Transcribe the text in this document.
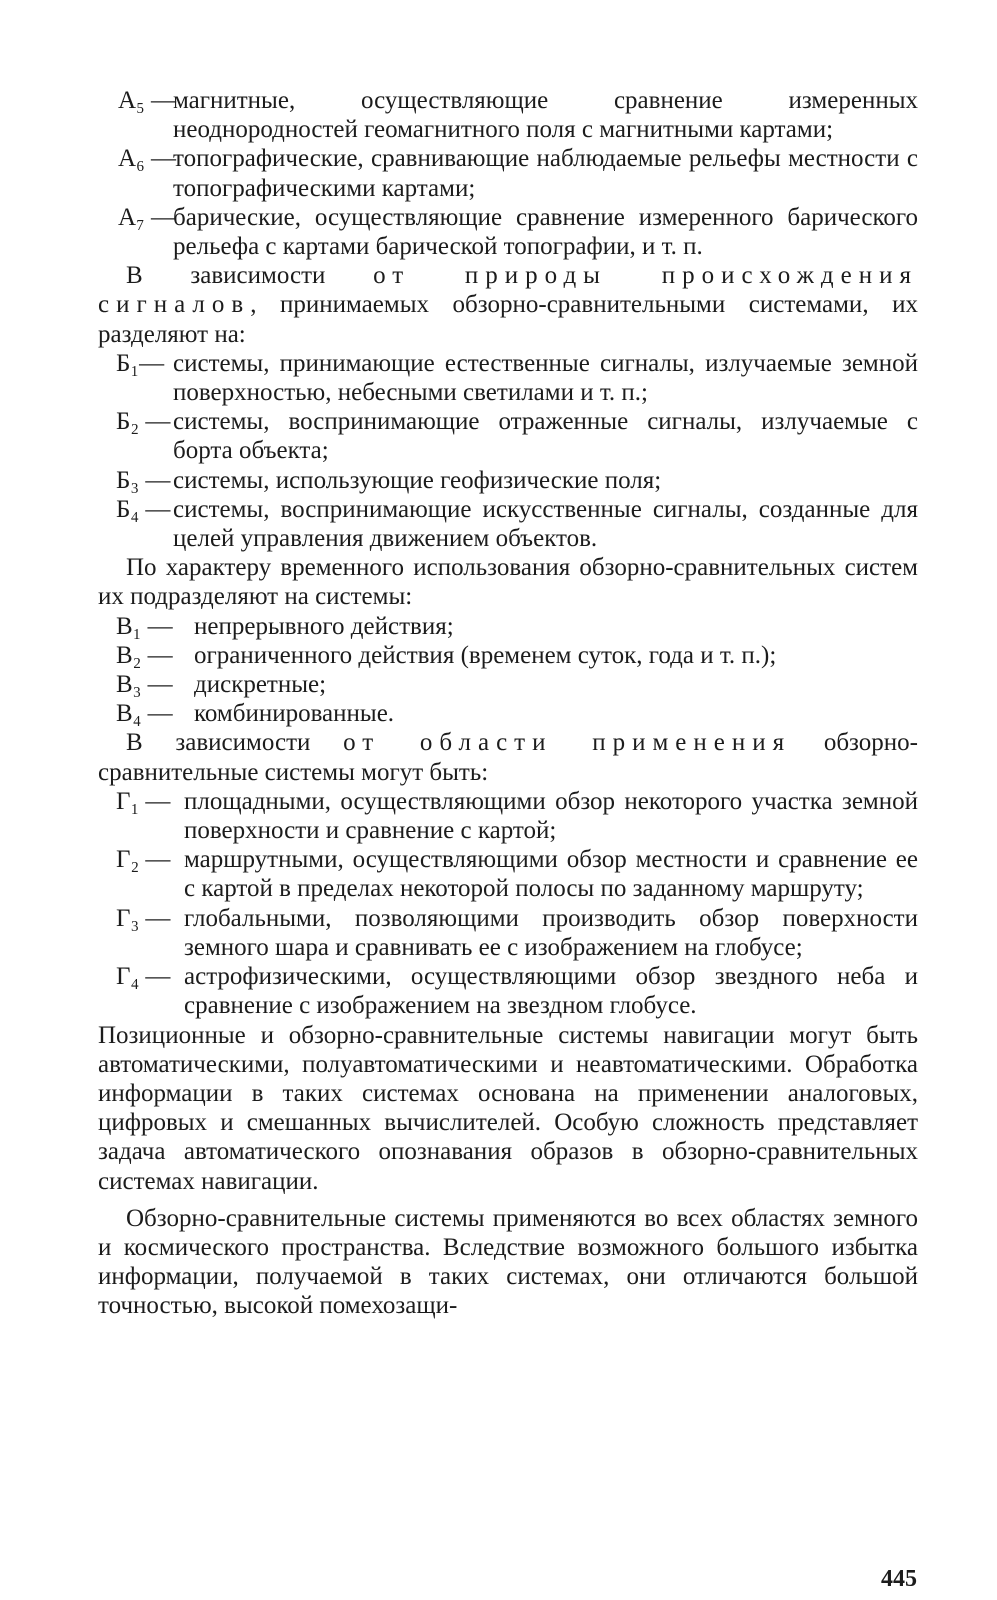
A₅ —
магнитные, осуществляющие сравнение измеренных неоднородностей геомагнитного поля с магнитными картами;
A₆ —
топографические, сравнивающие наблюдаемые рельефы местности с топографическими картами;
A₇ —
барические, осуществляющие сравнение измеренного барического рельефа с картами барической топографии, и т. п.

В зависимости от природы происхождения сигналов, принимаемых обзорно-сравнительными системами, их разделяют на:

Б₁— системы, принимающие естественные сигналы, излучаемые земной поверхностью, небесными светилами и т. п.;
Б₂ — системы, воспринимающие отраженные сигналы, излучаемые с борта объекта;
Б₃ — системы, использующие геофизические поля;
Б₄ — системы, воспринимающие искусственные сигналы, созданные для целей управления движением объектов.

По характеру временного использования обзорно-сравнительных систем их подразделяют на системы:

В₁ — непрерывного действия;
В₂ — ограниченного действия (временем суток, года и т. п.);
В₃ — дискретные;
В₄ — комбинированные.

В зависимости от области применения обзорно-сравнительные системы могут быть:

Г₁ — площадными, осуществляющими обзор некоторого участка земной поверхности и сравнение с картой;
Г₂ — маршрутными, осуществляющими обзор местности и сравнение ее с картой в пределах некоторой полосы по заданному маршруту;
Г₃ — глобальными, позволяющими производить обзор поверхности земного шара и сравнивать ее с изображением на глобусе;
Г₄ — астрофизическими, осуществляющими обзор звездного неба и сравнение с изображением на звездном глобусе.

Позиционные и обзорно-сравнительные системы навигации могут быть автоматическими, полуавтоматическими и неавтоматическими. Обработка информации в таких системах основана на применении аналоговых, цифровых и смешанных вычислителей. Особую сложность представляет задача автоматического опознавания образов в обзорно-сравнительных системах навигации.

Обзорно-сравнительные системы применяются во всех областях земного и космического пространства. Вследствие возможного большого избытка информации, получаемой в таких системах, они отличаются большой точностью, высокой помехозащи-

445
